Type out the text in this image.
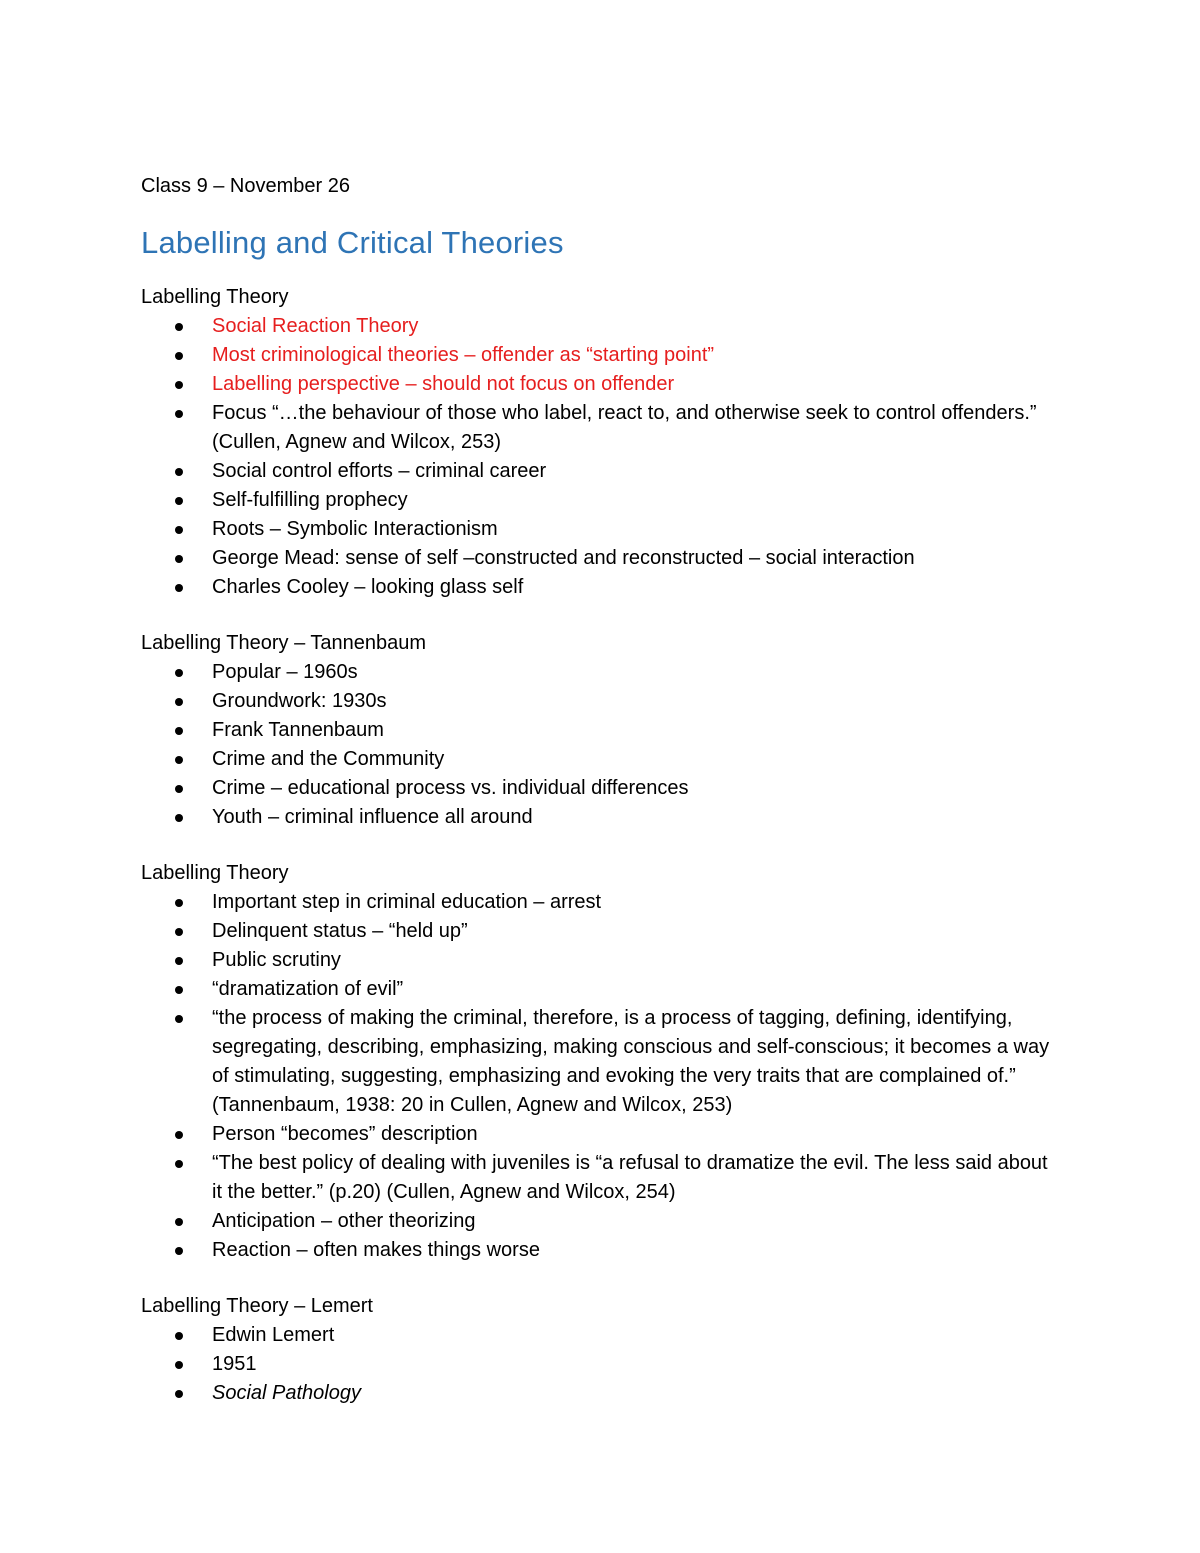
Class 9 – November 26

Labelling and Critical Theories

Labelling Theory

Social Reaction Theory
Most criminological theories – offender as “starting point”
Labelling perspective – should not focus on offender
Focus “…the behaviour of those who label, react to, and otherwise seek to control offenders.” (Cullen, Agnew and Wilcox, 253)
Social control efforts – criminal career
Self-fulfilling prophecy
Roots – Symbolic Interactionism
George Mead: sense of self –constructed and reconstructed – social interaction
Charles Cooley – looking glass self

Labelling Theory – Tannenbaum

Popular – 1960s
Groundwork: 1930s
Frank Tannenbaum
Crime and the Community
Crime – educational process vs. individual differences
Youth – criminal influence all around

Labelling Theory

Important step in criminal education – arrest
Delinquent status – “held up”
Public scrutiny
“dramatization of evil”
“the process of making the criminal, therefore, is a process of tagging, defining, identifying, segregating, describing, emphasizing, making conscious and self-conscious; it becomes a way of stimulating, suggesting, emphasizing and evoking the very traits that are complained of.” (Tannenbaum, 1938: 20 in Cullen, Agnew and Wilcox, 253)
Person “becomes” description
“The best policy of dealing with juveniles is “a refusal to dramatize the evil. The less said about it the better.” (p.20) (Cullen, Agnew and Wilcox, 254)
Anticipation – other theorizing
Reaction – often makes things worse

Labelling Theory – Lemert

Edwin Lemert
1951
Social Pathology
